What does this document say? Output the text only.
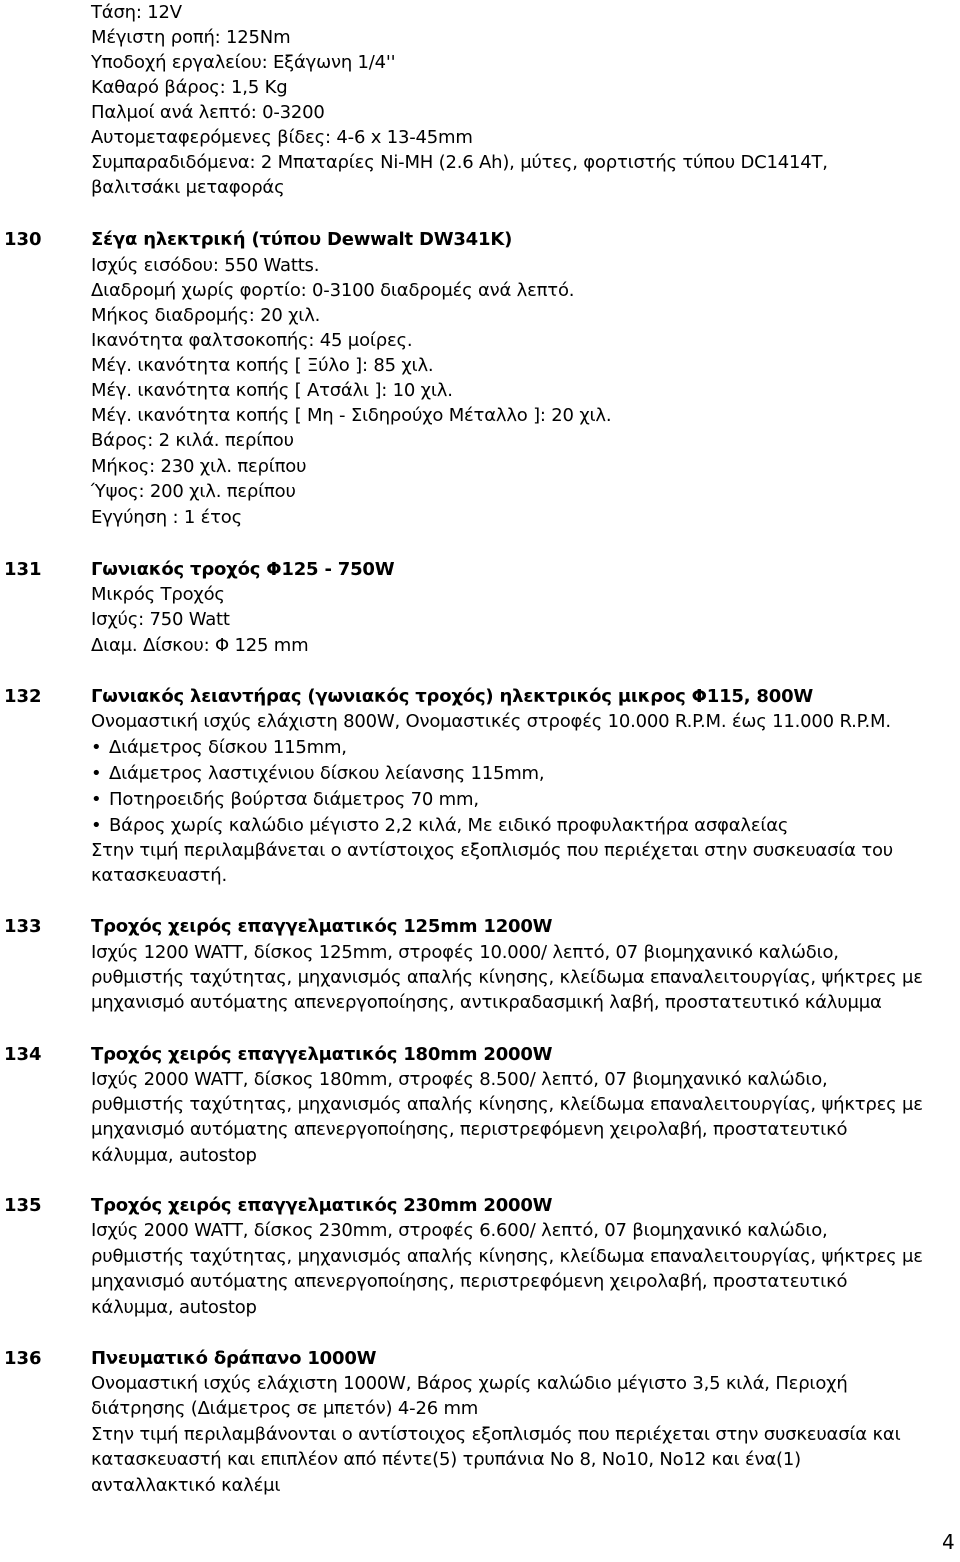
Τάση: 12V
Μέγιστη ροπή: 125Nm
Υποδοχή εργαλείου: Εξάγωνη 1/4''
Καθαρό βάρος: 1,5 Kg
Παλμοί ανά λεπτό: 0-3200
Αυτομεταφερόμενες βίδες: 4-6 x 13-45mm
Συμπαραδιδόμενα: 2 Μπαταρίες Ni-MH (2.6 Ah), μύτες, φορτιστής τύπου DC1414T,
βαλιτσάκι μεταφοράς
130	Σέγα ηλεκτρική (τύπου Dewwalt DW341K)
Ισχύς εισόδου: 550 Watts.
Διαδρομή χωρίς φορτίο: 0-3100 διαδρομές ανά λεπτό.
Μήκος διαδρομής: 20 χιλ.
Ικανότητα φαλτσοκοπής: 45 μοίρες.
Μέγ. ικανότητα κοπής [ Ξύλο ]: 85 χιλ.
Μέγ. ικανότητα κοπής [ Ατσάλι ]: 10 χιλ.
Μέγ. ικανότητα κοπής [ Μη - Σιδηρούχο Μέταλλο ]: 20 χιλ.
Βάρος: 2 κιλά. περίπου
Μήκος: 230 χιλ. περίπου
Ύψος: 200 χιλ. περίπου
Εγγύηση : 1 έτος
131	Γωνιακός τροχός Φ125 - 750W
Μικρός Τροχός
Ισχύς: 750 Watt
Διαμ. Δίσκου: Φ 125 mm
132	Γωνιακός λειαντήρας (γωνιακός τροχός) ηλεκτρικός μικρος Φ115, 800W
Ονομαστική ισχύς ελάχιστη 800W, Ονομαστικές στροφές 10.000 R.P.M. έως 11.000 R.P.M.
• Διάμετρος δίσκου 115mm,
• Διάμετρος λαστιχένιου δίσκου λείανσης 115mm,
• Ποτηροειδής βούρτσα διάμετρος 70 mm,
• Βάρος χωρίς καλώδιο μέγιστο 2,2 κιλά, Με ειδικό προφυλακτήρα ασφαλείας
Στην τιμή περιλαμβάνεται ο αντίστοιχος εξοπλισμός που περιέχεται στην συσκευασία του
κατασκευαστή.
133	Τροχός χειρός επαγγελματικός 125mm 1200W
Ισχύς 1200 WATT, δίσκος 125mm, στροφές 10.000/ λεπτό, 07 βιομηχανικό καλώδιο,
ρυθμιστής ταχύτητας, μηχανισμός απαλής κίνησης, κλείδωμα επαναλειτουργίας, ψήκτρες με
μηχανισμό αυτόματης απενεργοποίησης, αντικραδασμική λαβή, προστατευτικό κάλυμμα
134	Τροχός χειρός επαγγελματικός 180mm 2000W
Ισχύς 2000 WATT, δίσκος 180mm, στροφές 8.500/ λεπτό, 07 βιομηχανικό καλώδιο,
ρυθμιστής ταχύτητας, μηχανισμός απαλής κίνησης, κλείδωμα επαναλειτουργίας, ψήκτρες με
μηχανισμό αυτόματης απενεργοποίησης, περιστρεφόμενη χειρολαβή, προστατευτικό
κάλυμμα, autostop
135	Τροχός χειρός επαγγελματικός 230mm 2000W
Ισχύς 2000 WATT, δίσκος 230mm, στροφές 6.600/ λεπτό, 07 βιομηχανικό καλώδιο,
ρυθμιστής ταχύτητας, μηχανισμός απαλής κίνησης, κλείδωμα επαναλειτουργίας, ψήκτρες με
μηχανισμό αυτόματης απενεργοποίησης, περιστρεφόμενη χειρολαβή, προστατευτικό
κάλυμμα, autostop
136	Πνευματικό δράπανο 1000W
Ονομαστική ισχύς ελάχιστη 1000W, Βάρος χωρίς καλώδιο μέγιστο 3,5 κιλά, Περιοχή
διάτρησης (Διάμετρος σε μπετόν) 4-26 mm
Στην τιμή περιλαμβάνονται ο αντίστοιχος εξοπλισμός που περιέχεται στην συσκευασία και
κατασκευαστή και επιπλέον από πέντε(5) τρυπάνια No 8, No10, No12 και ένα(1)
ανταλλακτικό καλέμι
4
